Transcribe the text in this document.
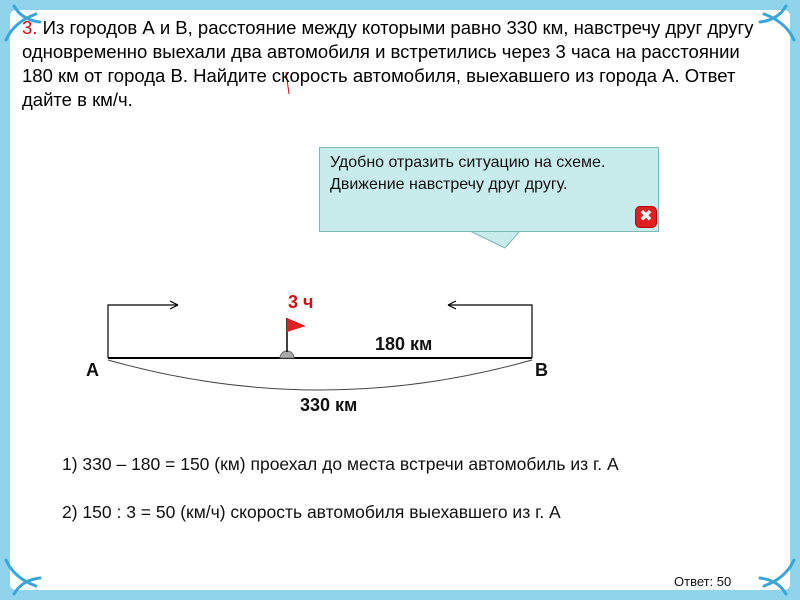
3. Из городов А и В, расстояние между которыми равно 330 км, навстречу друг другу одновременно выехали два автомобиля и встретились через 3 часа на расстоянии 180 км от города В. Найдите скорость автомобиля, выехавшего из города А. Ответ дайте в км/ч.
Удобно отразить ситуацию на схеме. Движение навстречу друг другу.
✖
3 ч
180 км
A	B
330 км
1) 330 – 180 = 150 (км) проехал до места встречи автомобиль из г. А
2) 150 : 3 = 50 (км/ч) скорость автомобиля выехавшего из г. А
Ответ: 50
